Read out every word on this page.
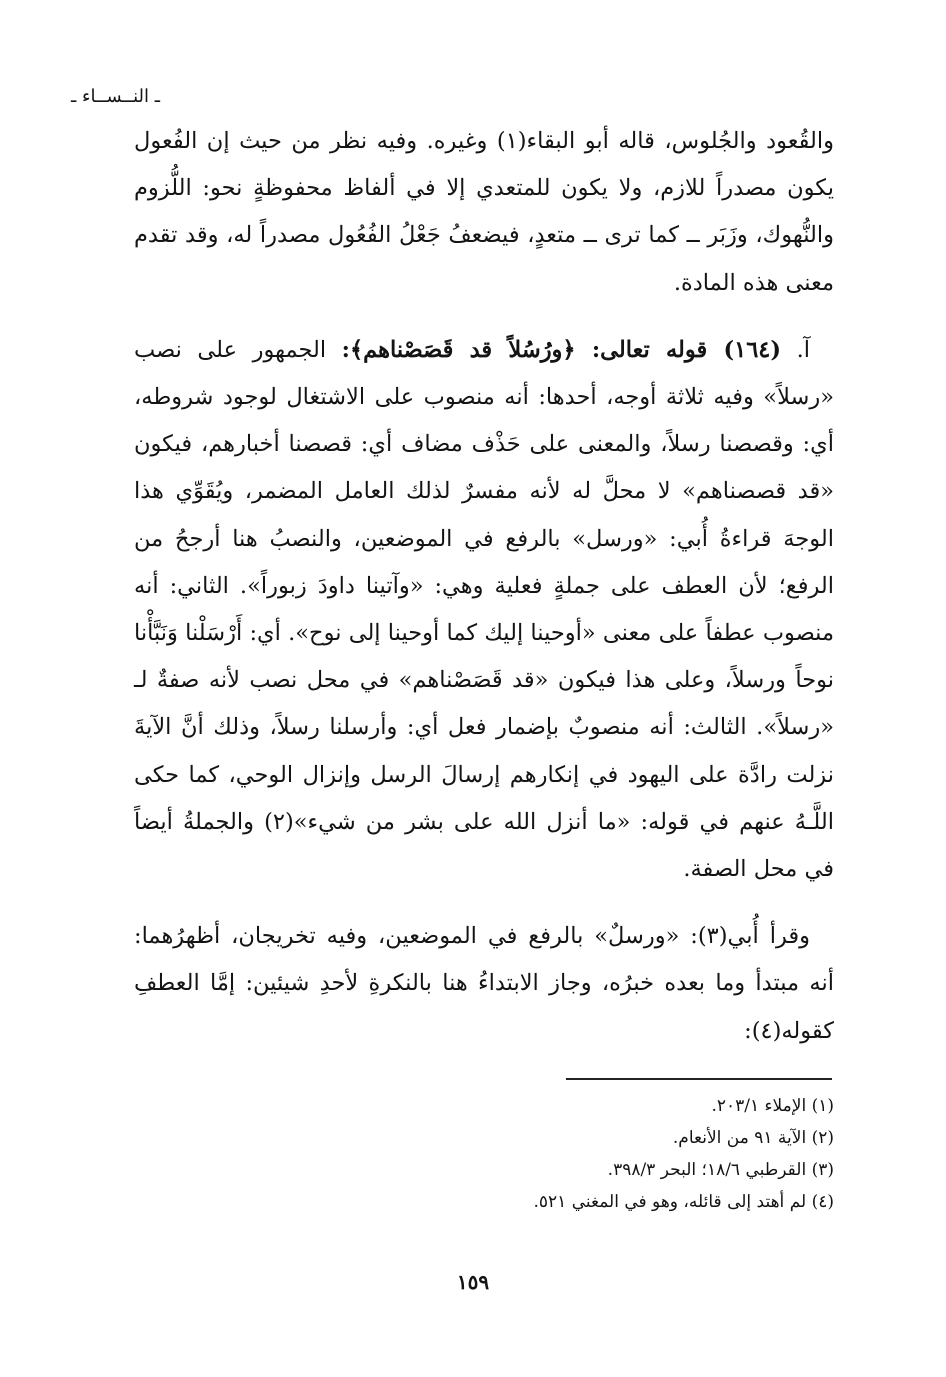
ـ النــســاء ـ

والقُعود والجُلوس، قاله أبو البقاء(١) وغيره. وفيه نظر من حيث إن الفُعول يكون مصدراً للازم، ولا يكون للمتعدي إلا في ألفاظ محفوظةٍ نحو: اللُّزوم والنُّهوك، وزَبَر ــ كما ترى ــ متعدٍ، فيضعفُ جَعْلُ الفُعُول مصدراً له، وقد تقدم معنى هذه المادة.

آ. (١٦٤) قوله تعالى: ﴿ورُسُلاً قد قَصَصْناهم﴾: الجمهور على نصب «رسلاً» وفيه ثلاثة أوجه، أحدها: أنه منصوب على الاشتغال لوجود شروطه، أي: وقصصنا رسلاً، والمعنى على حَذْف مضاف أي: قصصنا أخبارهم، فيكون «قد قصصناهم» لا محلَّ له لأنه مفسرٌ لذلك العامل المضمر، ويُقَوِّي هذا الوجهَ قراءةُ أُبي: «ورسل» بالرفع في الموضعين، والنصبُ هنا أرجحُ من الرفع؛ لأن العطف على جملةٍ فعلية وهي: «وآتينا داودَ زبوراً». الثاني: أنه منصوب عطفاً على معنى «أوحينا إليك كما أوحينا إلى نوح». أي: أَرْسَلْنا وَنَبَّأْنا نوحاً ورسلاً، وعلى هذا فيكون «قد قَصَصْناهم» في محل نصب لأنه صفةٌ لـ «رسلاً». الثالث: أنه منصوبٌ بإضمار فعل أي: وأرسلنا رسلاً، وذلك أنَّ الآيةَ نزلت رادَّة على اليهود في إنكارهم إرسالَ الرسل وإنزال الوحي، كما حكى اللَّـهُ عنهم في قوله: «ما أنزل الله على بشر من شيء»(٢) والجملةُ أيضاً في محل الصفة.

وقرأ أُبي(٣): «ورسلٌ» بالرفع في الموضعين، وفيه تخريجان، أظهرُهما: أنه مبتدأ وما بعده خبرُه، وجاز الابتداءُ هنا بالنكرةِ لأحدِ شيئين: إمَّا العطفِ كقوله(٤):

(١) الإملاء ٢٠٣/١.
(٢) الآية ٩١ من الأنعام.
(٣) القرطبي ١٨/٦؛ البحر ٣٩٨/٣.
(٤) لم أهتد إلى قائله، وهو في المغني ٥٢١.
١٥٩
